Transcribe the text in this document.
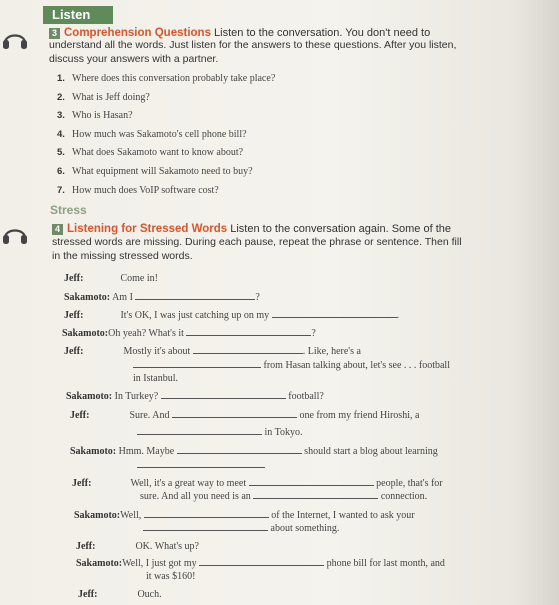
Listen
3 Comprehension Questions Listen to the conversation. You don't need to
understand all the words. Just listen for the answers to these questions. After you listen,
discuss your answers with a partner.
1. Where does this conversation probably take place?
2. What is Jeff doing?
3. Who is Hasan?
4. How much was Sakamoto's cell phone bill?
5. What does Sakamoto want to know about?
6. What equipment will Sakamoto need to buy?
7. How much does VoIP software cost?
Stress
4 Listening for Stressed Words Listen to the conversation again. Some of the
stressed words are missing. During each pause, repeat the phrase or sentence. Then fill
in the missing stressed words.
Jeff:	Come in!
Sakamoto: Am I	?
Jeff:	It's OK, I was just catching up on my	.
Sakamoto:Oh yeah? What's it	?
Jeff:	Mostly it's about	. Like, here's a
from Hasan talking about, let's see . . . football
in Istanbul.
Sakamoto: In Turkey?	football?
Jeff:	Sure. And	one from my friend Hiroshi, a
in Tokyo.
Sakamoto: Hmm. Maybe	should start a blog about learning
Jeff:	Well, it's a great way to meet	people, that's for
sure. And all you need is an	connection.
Sakamoto:Well,	of the Internet, I wanted to ask your
about something.
Jeff:	OK. What's up?
Sakamoto:Well, I just got my	phone bill for last month, and
it was $160!
Jeff:	Ouch.
